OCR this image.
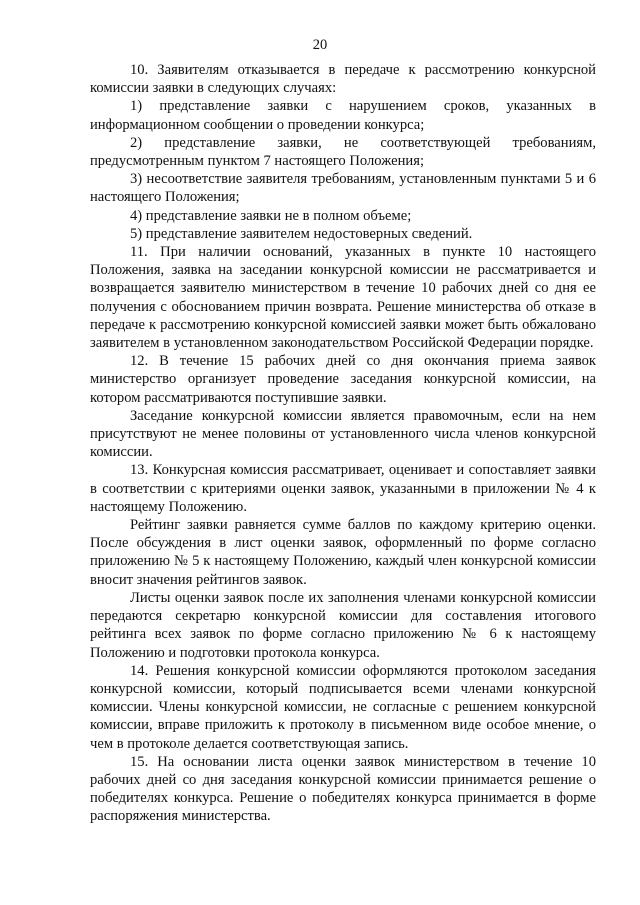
20

10. Заявителям отказывается в передаче к рассмотрению конкурсной комиссии заявки в следующих случаях:

1) представление заявки с нарушением сроков, указанных в информационном сообщении о проведении конкурса;

2) представление заявки, не соответствующей требованиям, предусмотренным пунктом 7 настоящего Положения;

3) несоответствие заявителя требованиям, установленным пунктами 5 и 6 настоящего Положения;

4) представление заявки не в полном объеме;

5) представление заявителем недостоверных сведений.

11. При наличии оснований, указанных в пункте 10 настоящего Положения, заявка на заседании конкурсной комиссии не рассматривается и возвращается заявителю министерством в течение 10 рабочих дней со дня ее получения с обоснованием причин возврата. Решение министерства об отказе в передаче к рассмотрению конкурсной комиссией заявки может быть обжаловано заявителем в установленном законодательством Российской Федерации порядке.

12. В течение 15 рабочих дней со дня окончания приема заявок министерство организует проведение заседания конкурсной комиссии, на котором рассматриваются поступившие заявки.

Заседание конкурсной комиссии является правомочным, если на нем присутствуют не менее половины от установленного числа членов конкурсной комиссии.

13. Конкурсная комиссия рассматривает, оценивает и сопоставляет заявки в соответствии с критериями оценки заявок, указанными в приложении № 4 к настоящему Положению.

Рейтинг заявки равняется сумме баллов по каждому критерию оценки. После обсуждения в лист оценки заявок, оформленный по форме согласно приложению № 5 к настоящему Положению, каждый член конкурсной комиссии вносит значения рейтингов заявок.

Листы оценки заявок после их заполнения членами конкурсной комиссии передаются секретарю конкурсной комиссии для составления итогового рейтинга всех заявок по форме согласно приложению № 6 к настоящему Положению и подготовки протокола конкурса.

14. Решения конкурсной комиссии оформляются протоколом заседания конкурсной комиссии, который подписывается всеми членами конкурсной комиссии. Члены конкурсной комиссии, не согласные с решением конкурсной комиссии, вправе приложить к протоколу в письменном виде особое мнение, о чем в протоколе делается соответствующая запись.

15. На основании листа оценки заявок министерством в течение 10 рабочих дней со дня заседания конкурсной комиссии принимается решение о победителях конкурса. Решение о победителях конкурса принимается в форме распоряжения министерства.
